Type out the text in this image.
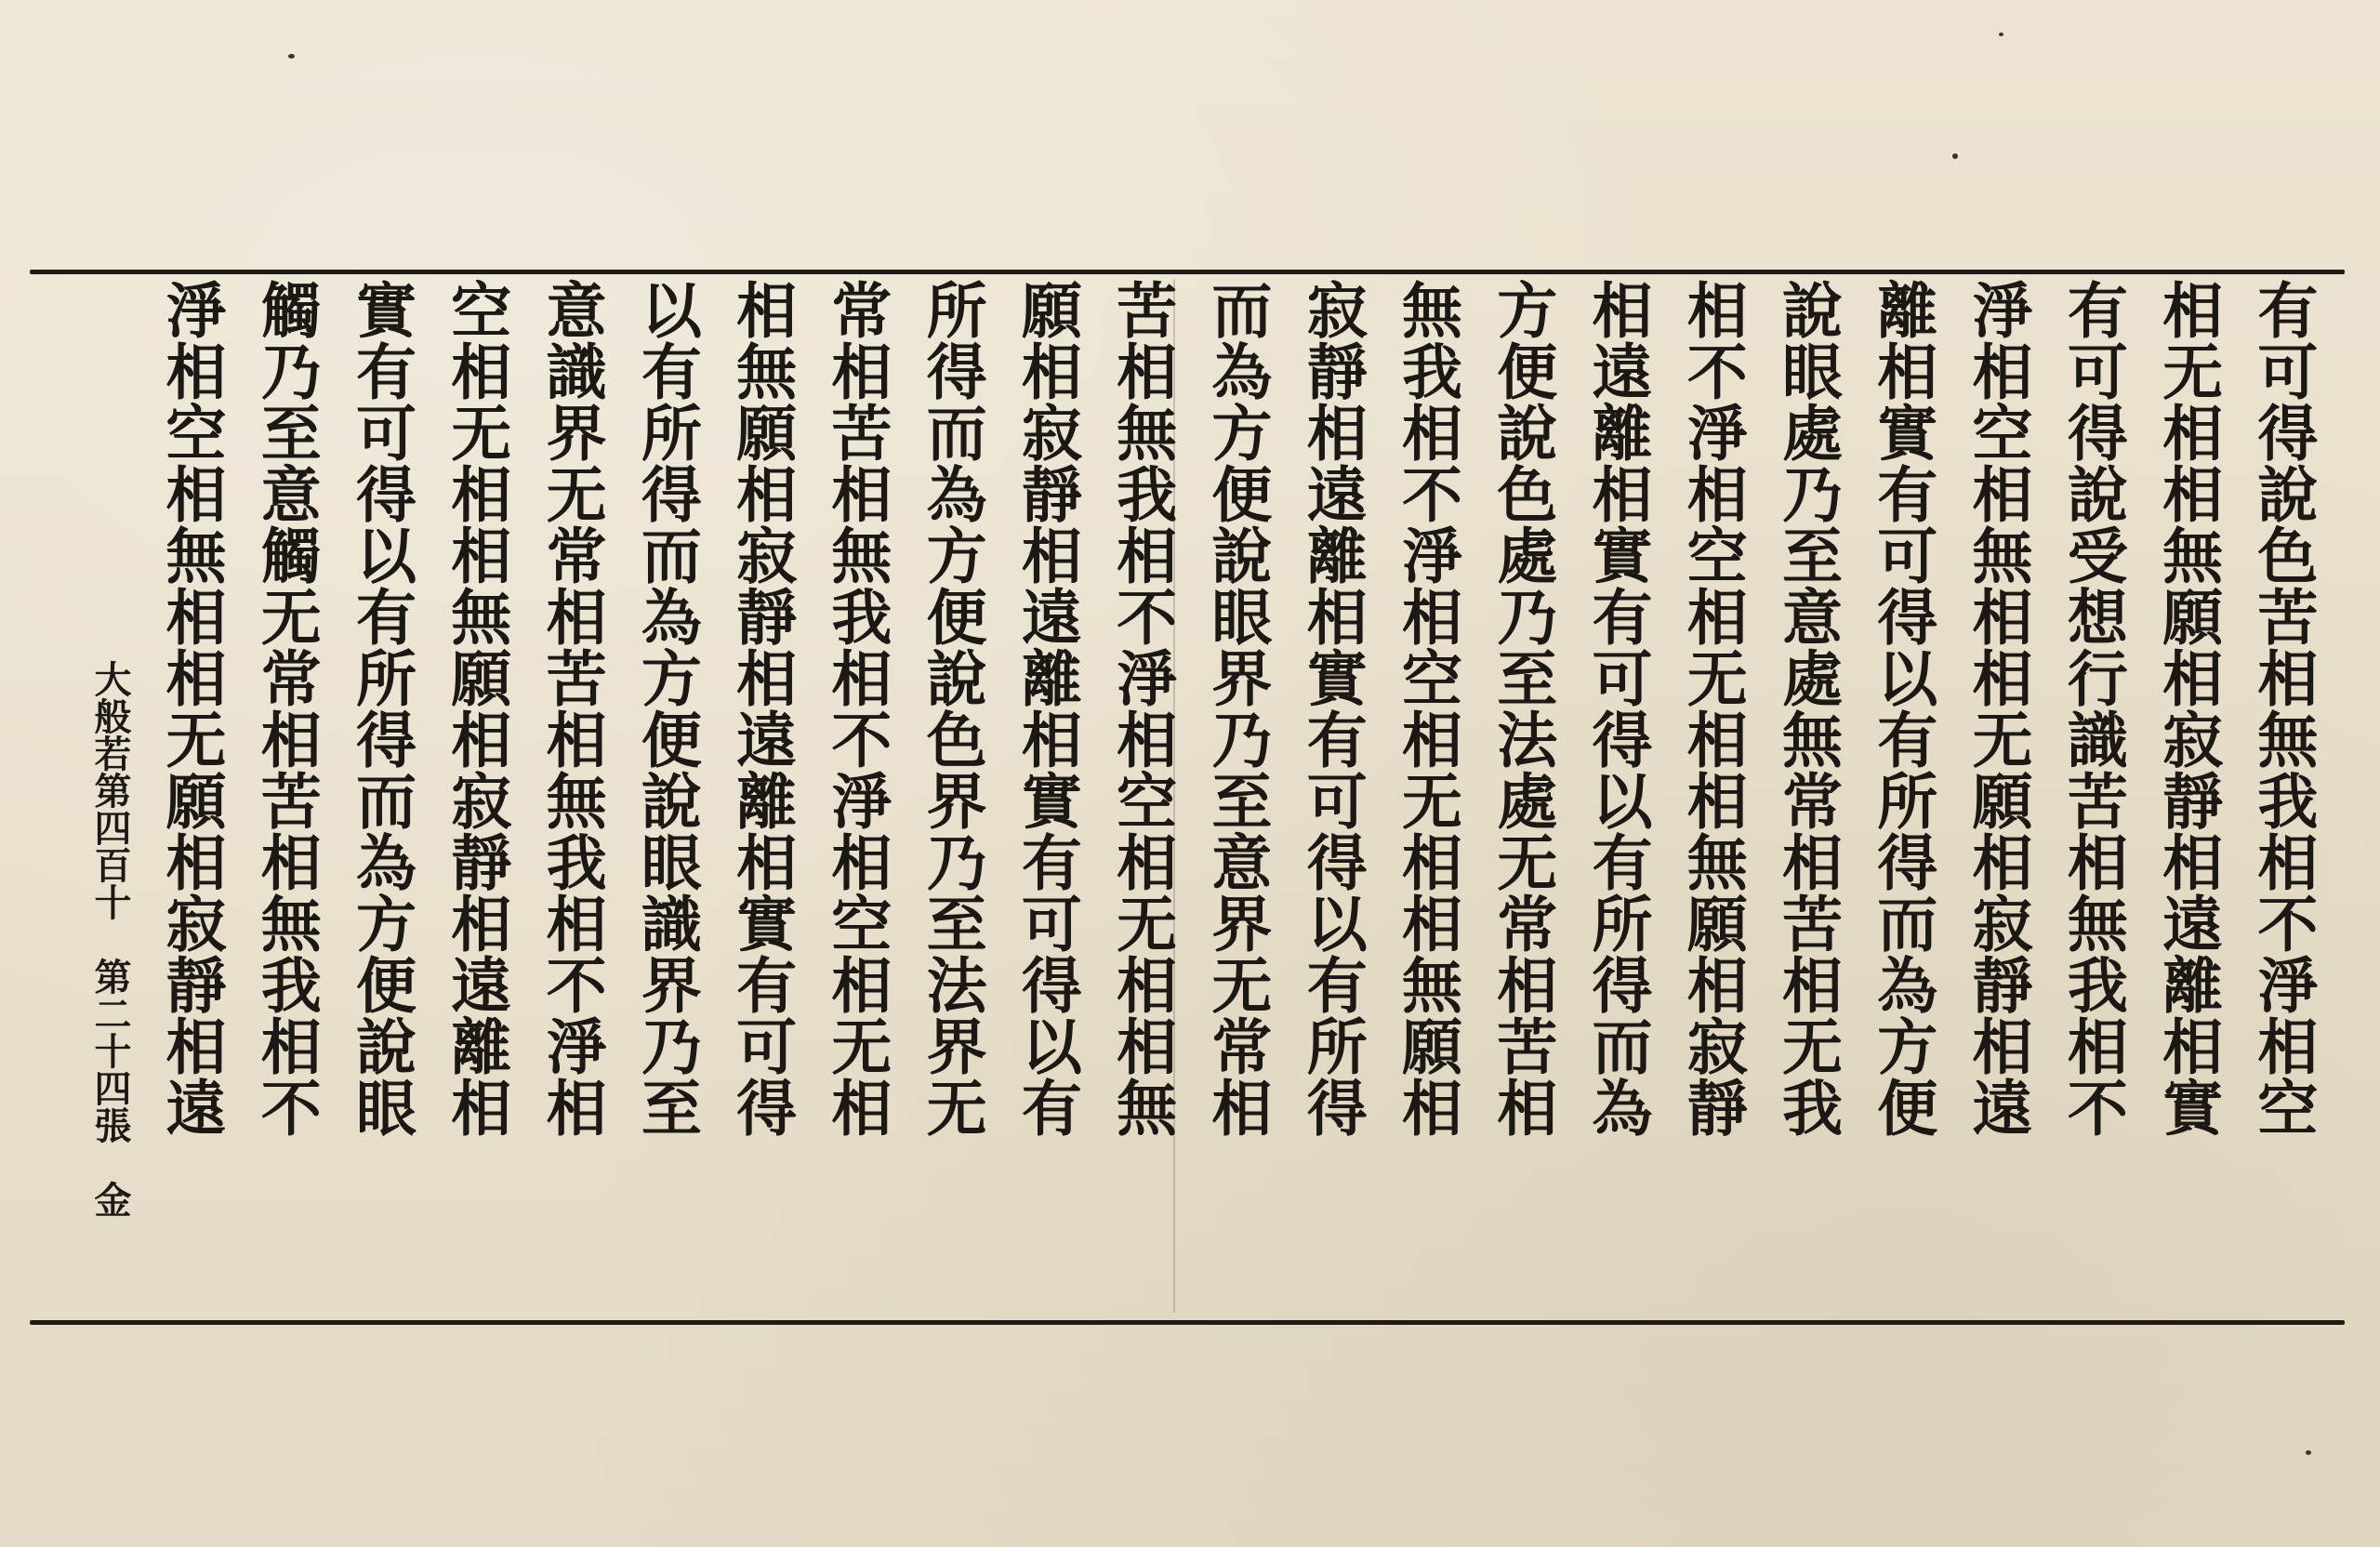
有可得說色苦相無我相不淨相空
相无相相無願相寂靜相遠離相實
有可得說受想行識苦相無我相不
淨相空相無相相无願相寂靜相遠
離相實有可得以有所得而為方便
說眼處乃至意處無常相苦相无我
相不淨相空相无相相無願相寂靜
相遠離相實有可得以有所得而為
方便說色處乃至法處无常相苦相
無我相不淨相空相无相相無願相
寂靜相遠離相實有可得以有所得
而為方便說眼界乃至意界无常相
苦相無我相不淨相空相无相相無
願相寂靜相遠離相實有可得以有
所得而為方便說色界乃至法界无
常相苦相無我相不淨相空相无相
相無願相寂靜相遠離相實有可得
以有所得而為方便說眼識界乃至
意識界无常相苦相無我相不淨相
空相无相相無願相寂靜相遠離相
實有可得以有所得而為方便說眼
觸乃至意觸无常相苦相無我相不
淨相空相無相相无願相寂靜相遠
大般若第四百十　第二十四張　金
